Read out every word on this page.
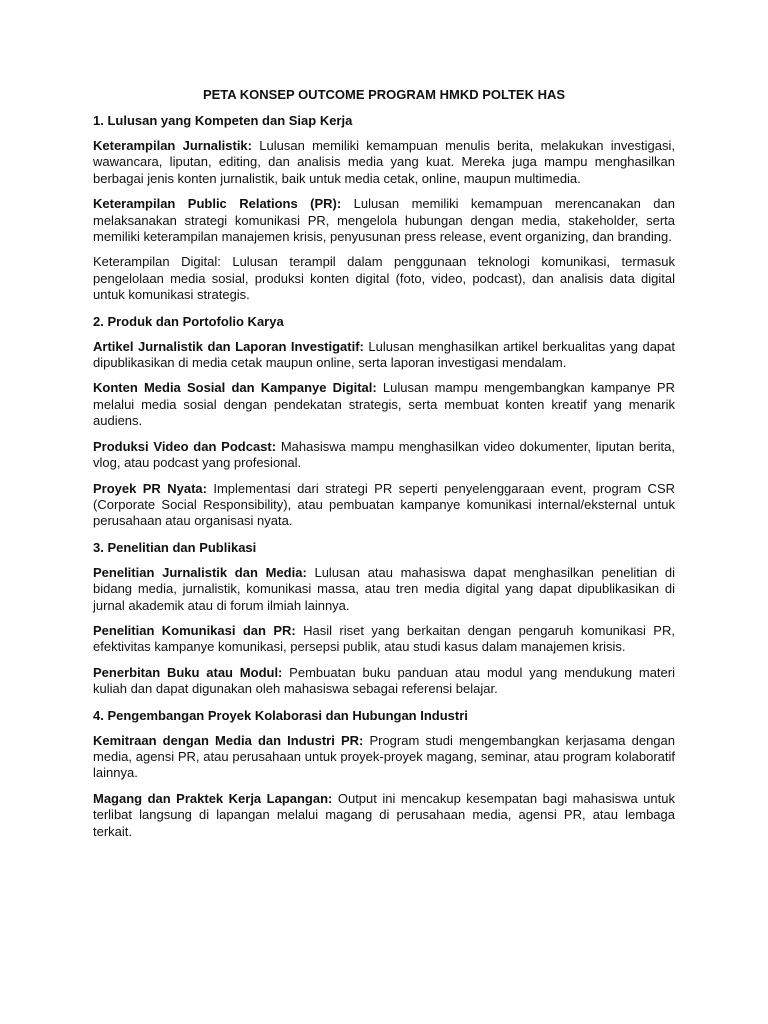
PETA KONSEP OUTCOME PROGRAM HMKD POLTEK HAS
1. Lulusan yang Kompeten dan Siap Kerja

Keterampilan Jurnalistik: Lulusan memiliki kemampuan menulis berita, melakukan investigasi, wawancara, liputan, editing, dan analisis media yang kuat. Mereka juga mampu menghasilkan berbagai jenis konten jurnalistik, baik untuk media cetak, online, maupun multimedia.

Keterampilan Public Relations (PR): Lulusan memiliki kemampuan merencanakan dan melaksanakan strategi komunikasi PR, mengelola hubungan dengan media, stakeholder, serta memiliki keterampilan manajemen krisis, penyusunan press release, event organizing, dan branding.

Keterampilan Digital: Lulusan terampil dalam penggunaan teknologi komunikasi, termasuk pengelolaan media sosial, produksi konten digital (foto, video, podcast), dan analisis data digital untuk komunikasi strategis.

2. Produk dan Portofolio Karya

Artikel Jurnalistik dan Laporan Investigatif: Lulusan menghasilkan artikel berkualitas yang dapat dipublikasikan di media cetak maupun online, serta laporan investigasi mendalam.

Konten Media Sosial dan Kampanye Digital: Lulusan mampu mengembangkan kampanye PR melalui media sosial dengan pendekatan strategis, serta membuat konten kreatif yang menarik audiens.

Produksi Video dan Podcast: Mahasiswa mampu menghasilkan video dokumenter, liputan berita, vlog, atau podcast yang profesional.

Proyek PR Nyata: Implementasi dari strategi PR seperti penyelenggaraan event, program CSR (Corporate Social Responsibility), atau pembuatan kampanye komunikasi internal/eksternal untuk perusahaan atau organisasi nyata.

3. Penelitian dan Publikasi

Penelitian Jurnalistik dan Media: Lulusan atau mahasiswa dapat menghasilkan penelitian di bidang media, jurnalistik, komunikasi massa, atau tren media digital yang dapat dipublikasikan di jurnal akademik atau di forum ilmiah lainnya.

Penelitian Komunikasi dan PR: Hasil riset yang berkaitan dengan pengaruh komunikasi PR, efektivitas kampanye komunikasi, persepsi publik, atau studi kasus dalam manajemen krisis.

Penerbitan Buku atau Modul: Pembuatan buku panduan atau modul yang mendukung materi kuliah dan dapat digunakan oleh mahasiswa sebagai referensi belajar.

4. Pengembangan Proyek Kolaborasi dan Hubungan Industri

Kemitraan dengan Media dan Industri PR: Program studi mengembangkan kerjasama dengan media, agensi PR, atau perusahaan untuk proyek-proyek magang, seminar, atau program kolaboratif lainnya.

Magang dan Praktek Kerja Lapangan: Output ini mencakup kesempatan bagi mahasiswa untuk terlibat langsung di lapangan melalui magang di perusahaan media, agensi PR, atau lembaga terkait.
